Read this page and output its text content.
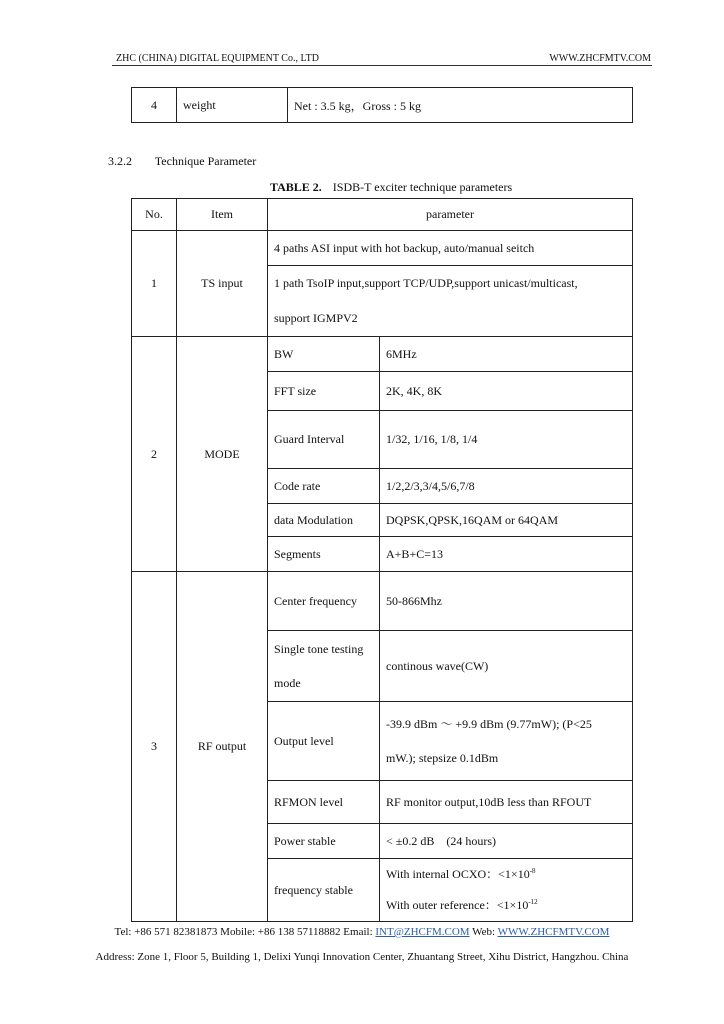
ZHC (CHINA) DIGITAL EQUIPMENT Co., LTD	WWW.ZHCFMTV.COM
4	weight	Net : 3.5 kg，Gross : 5 kg
3.2.2 Technique Parameter
TABLE 2. ISDB-T exciter technique parameters
No.	Item	parameter	
1	TS input	4 paths ASI input with hot backup, auto/manual seitch	

		1 path TsoIP input,support TCP/UDP,support unicast/multicast,
support IGMPV2	

2	MODE	BW	6MHz
		FFT size	2K, 4K, 8K
		Guard Interval	1/32, 1/16, 1/8, 1/4
		Code rate	1/2,2/3,3/4,5/6,7/8
		data Modulation	DQPSK,QPSK,16QAM or 64QAM
		Segments	A+B+C=13
3	RF output	Center frequency	50-866Mhz

		Single tone testing
mode	continous wave(CW)
		Output level	-39.9 dBm ～ +9.9 dBm (9.77mW); (P<25
mW.); stepsize 0.1dBm

		RFMON level	RF monitor output,10dB less than RFOUT
		Power stable	< ±0.2 dB    (24 hours)
		frequency stable	With internal OCXO：$<1\times 10^{-8}$
With outer reference：$<1\times 10^{-12}$
Tel: +86 571 82381873 Mobile: +86 138 57118882 Email: INT@ZHCFM.COM Web: WWW.ZHCFMTV.COM
Address: Zone 1, Floor 5, Building 1, Delixi Yunqi Innovation Center, Zhuantang Street, Xihu District, Hangzhou. China
